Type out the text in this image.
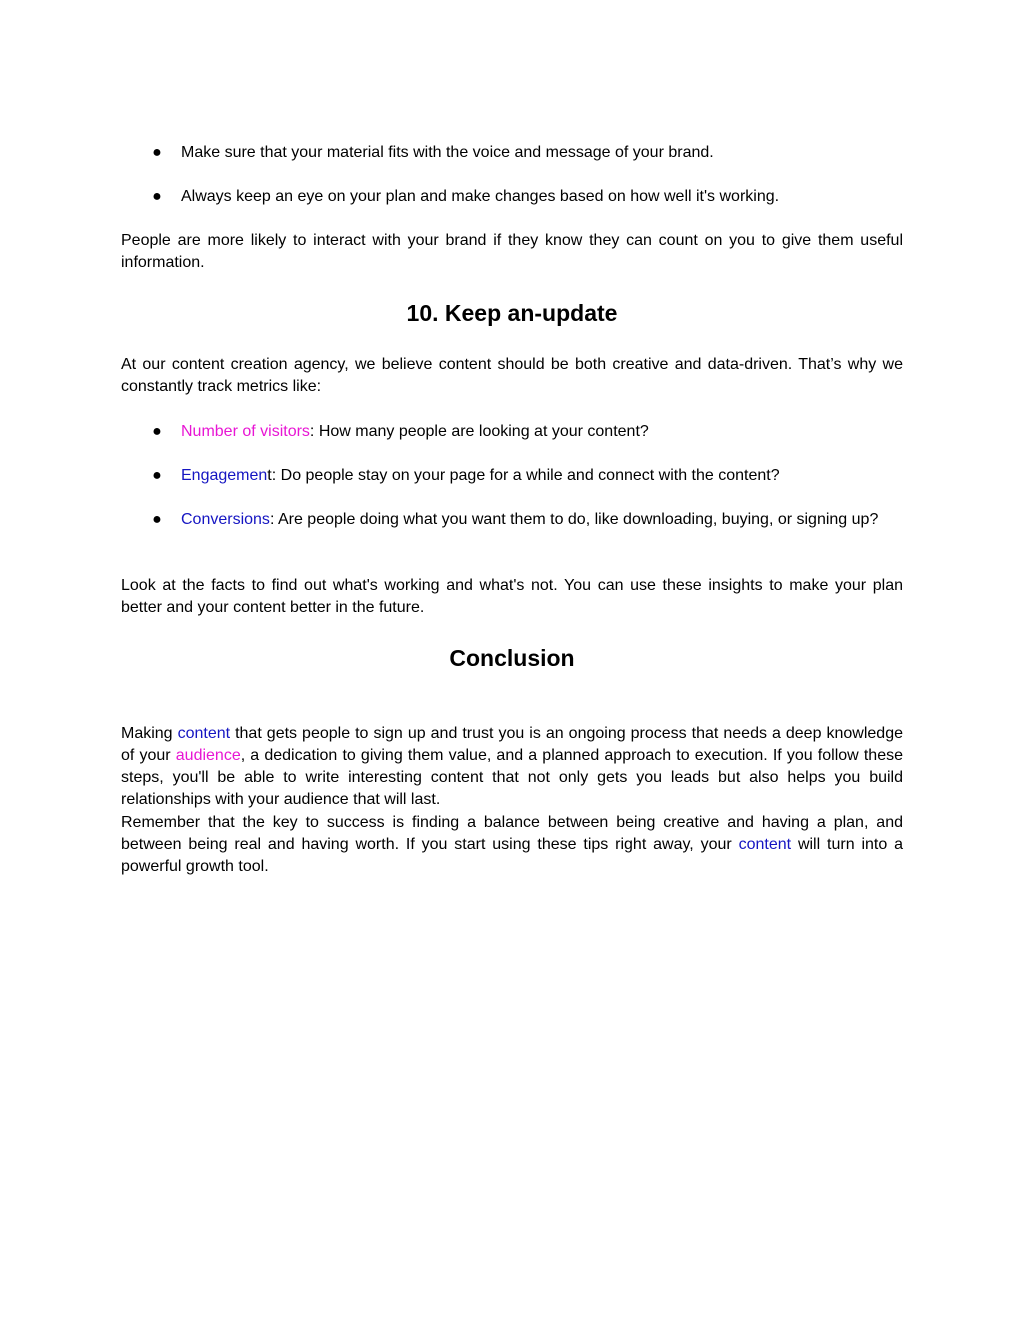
● Make sure that your material fits with the voice and message of your brand.
● Always keep an eye on your plan and make changes based on how well it's working.
People are more likely to interact with your brand if they know they can count on you to give them useful information.
10. Keep an-update
At our content creation agency, we believe content should be both creative and data-driven. That’s why we constantly track metrics like:
● Number of visitors: How many people are looking at your content?
● Engagement: Do people stay on your page for a while and connect with the content?
● Conversions: Are people doing what you want them to do, like downloading, buying, or signing up?
Look at the facts to find out what's working and what's not. You can use these insights to make your plan better and your content better in the future.
Conclusion
Making content that gets people to sign up and trust you is an ongoing process that needs a deep knowledge of your audience, a dedication to giving them value, and a planned approach to execution. If you follow these steps, you'll be able to write interesting content that not only gets you leads but also helps you build relationships with your audience that will last.
Remember that the key to success is finding a balance between being creative and having a plan, and between being real and having worth. If you start using these tips right away, your content will turn into a powerful growth tool.
